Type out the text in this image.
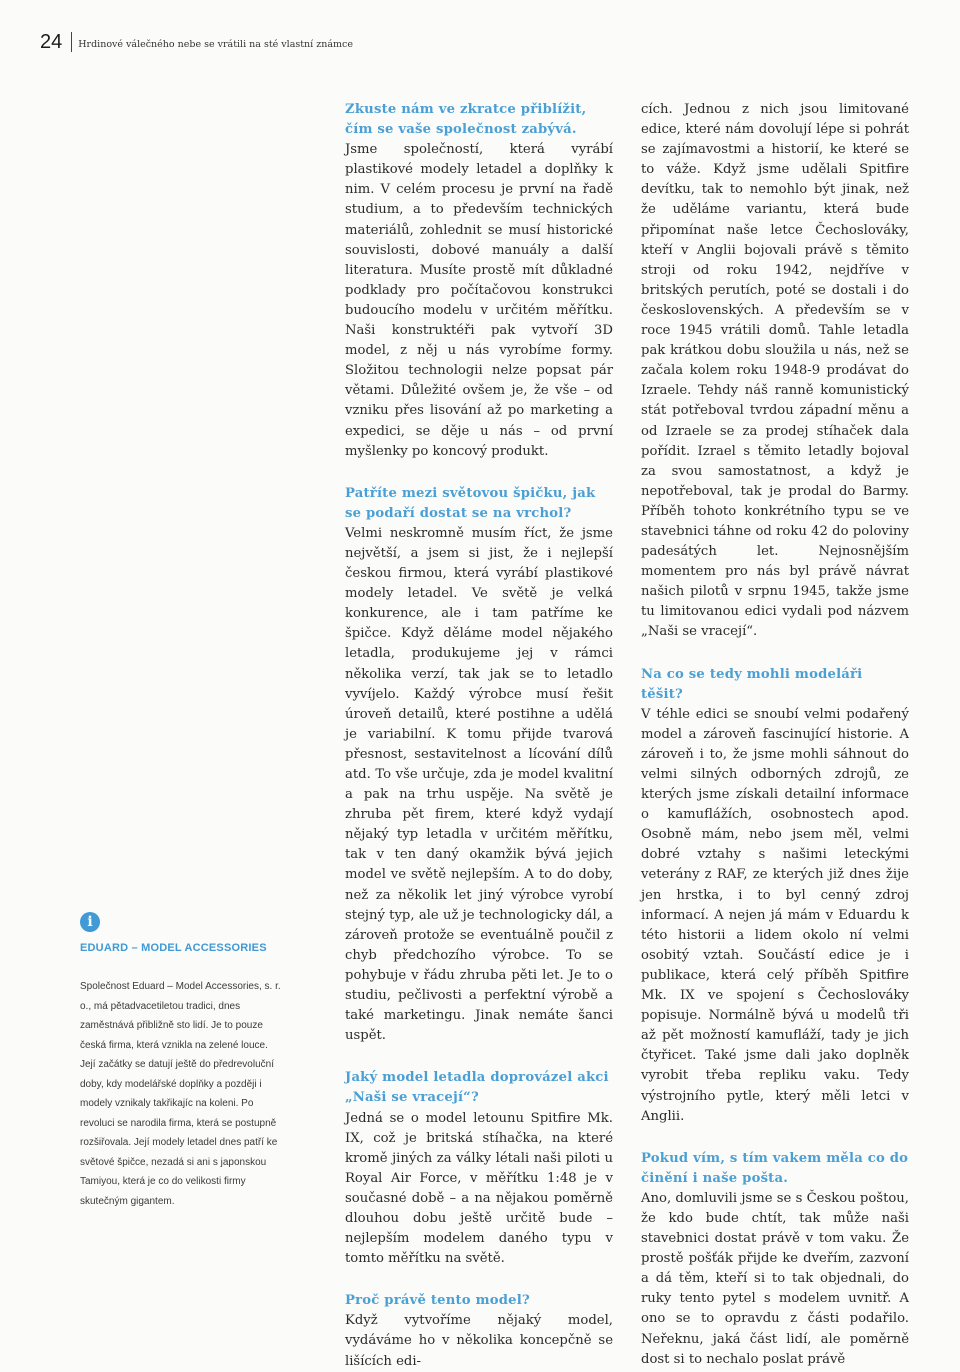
24 Hrdinové válečného nebe se vrátili na sté vlastní známce
i
EDUARD – MODEL ACCESSORIES
Společnost Eduard – Model Accessories, s. r. o., má pětadvacetiletou tradici, dnes zaměstnává přibližně sto lidí. Je to pouze česká firma, která vznikla na zelené louce. Její začátky se datují ještě do předrevoluční doby, kdy modelářské doplňky a později i modely vznikaly takřikajíc na koleni. Po revoluci se narodila firma, která se postupně rozšiřovala. Její modely letadel dnes patří ke světové špičce, nezadá si ani s japonskou Tamiyou, která je co do velikosti firmy skutečným gigantem.

Zkuste nám ve zkratce přiblížit, čím se vaše společnost zabývá.
Jsme společností, která vyrábí plastikové modely letadel a doplňky k nim. V celém procesu je první na řadě studium, a to především technických materiálů, zohlednit se musí historické souvislosti, dobové manuály a další literatura. Musíte prostě mít důkladné podklady pro počítačovou konstrukci budoucího modelu v určitém měřítku. Naši konstruktéři pak vytvoří 3D model, z něj u nás vyrobíme formy. Složitou technologii nelze popsat pár větami. Důležité ovšem je, že vše – od vzniku přes lisování až po marketing a expedici, se děje u nás – od první myšlenky po koncový produkt.

Patříte mezi světovou špičku, jak se podaří dostat se na vrchol?
Velmi neskromně musím říct, že jsme největší, a jsem si jist, že i nejlepší českou firmou, která vyrábí plastikové modely letadel. Ve světě je velká konkurence, ale i tam patříme ke špičce. Když děláme model nějakého letadla, produkujeme jej v rámci několika verzí, tak jak se to letadlo vyvíjelo. Každý výrobce musí řešit úroveň detailů, které postihne a udělá je variabilní. K tomu přijde tvarová přesnost, sestavitelnost a lícování dílů atd. To vše určuje, zda je model kvalitní a pak na trhu uspěje. Na světě je zhruba pět firem, které když vydají nějaký typ letadla v určitém měřítku, tak v ten daný okamžik bývá jejich model ve světě nejlepším. A to do doby, než za několik let jiný výrobce vyrobí stejný typ, ale už je technologicky dál, a zároveň protože se eventuálně poučil z chyb předchozího výrobce. To se pohybuje v řádu zhruba pěti let. Je to o studiu, pečlivosti a perfektní výrobě a také marketingu. Jinak nemáte šanci uspět.

Jaký model letadla doprovázel akci „Naši se vracejí“?
Jedná se o model letounu Spitfire Mk. IX, což je britská stíhačka, na které kromě jiných za války létali naši piloti u Royal Air Force, v měřítku 1:48 je v současné době – a na nějakou poměrně dlouhou dobu ještě určitě bude – nejlepším modelem daného typu v tomto měřítku na světě.

Proč právě tento model?
Když vytvoříme nějaký model, vydáváme ho v několika koncepčně se lišících edi-

cích. Jednou z nich jsou limitované edice, které nám dovolují lépe si pohrát se zajímavostmi a historií, ke které se to váže. Když jsme udělali Spitfire devítku, tak to nemohlo být jinak, než že uděláme variantu, která bude připomínat naše letce Čechoslováky, kteří v Anglii bojovali právě s těmito stroji od roku 1942, nejdříve v britských perutích, poté se dostali i do československých. A především se v roce 1945 vrátili domů. Tahle letadla pak krátkou dobu sloužila u nás, než se začala kolem roku 1948-9 prodávat do Izraele. Tehdy náš ranně komunistický stát potřeboval tvrdou západní měnu a od Izraele se za prodej stíhaček dala pořídit. Izrael s těmito letadly bojoval za svou samostatnost, a když je nepotřeboval, tak je prodal do Barmy. Příběh tohoto konkrétního typu se ve stavebnici táhne od roku 42 do poloviny padesátých let. Nejnosnějším momentem pro nás byl právě návrat našich pilotů v srpnu 1945, takže jsme tu limitovanou edici vydali pod názvem „Naši se vracejí“.

Na co se tedy mohli modeláři těšit?
V téhle edici se snoubí velmi podařený model a zároveň fascinující historie. A zároveň i to, že jsme mohli sáhnout do velmi silných odborných zdrojů, ze kterých jsme získali detailní informace o kamuflážích, osobnostech apod. Osobně mám, nebo jsem měl, velmi dobré vztahy s našimi leteckými veterány z RAF, ze kterých již dnes žije jen hrstka, i to byl cenný zdroj informací. A nejen já mám v Eduardu k této historii a lidem okolo ní velmi osobitý vztah. Součástí edice je i publikace, která celý příběh Spitfire Mk. IX ve spojení s Čechoslováky popisuje. Normálně bývá u modelů tři až pět možností kamufláží, tady je jich čtyřicet. Také jsme dali jako doplněk vyrobit třeba repliku vaku. Tedy výstrojního pytle, který měli letci v Anglii.

Pokud vím, s tím vakem měla co do činění i naše pošta.
Ano, domluvili jsme se s Českou poštou, že kdo bude chtít, tak může naši stavebnici dostat právě v tom vaku. Že prostě pošťák přijde ke dveřím, zazvoní a dá těm, kteří si to tak objednali, do ruky tento pytel s modelem uvnitř. A ono se to opravdu z části podařilo. Neřeknu, jaká část lidí, ale poměrně dost si to nechalo poslat právě
